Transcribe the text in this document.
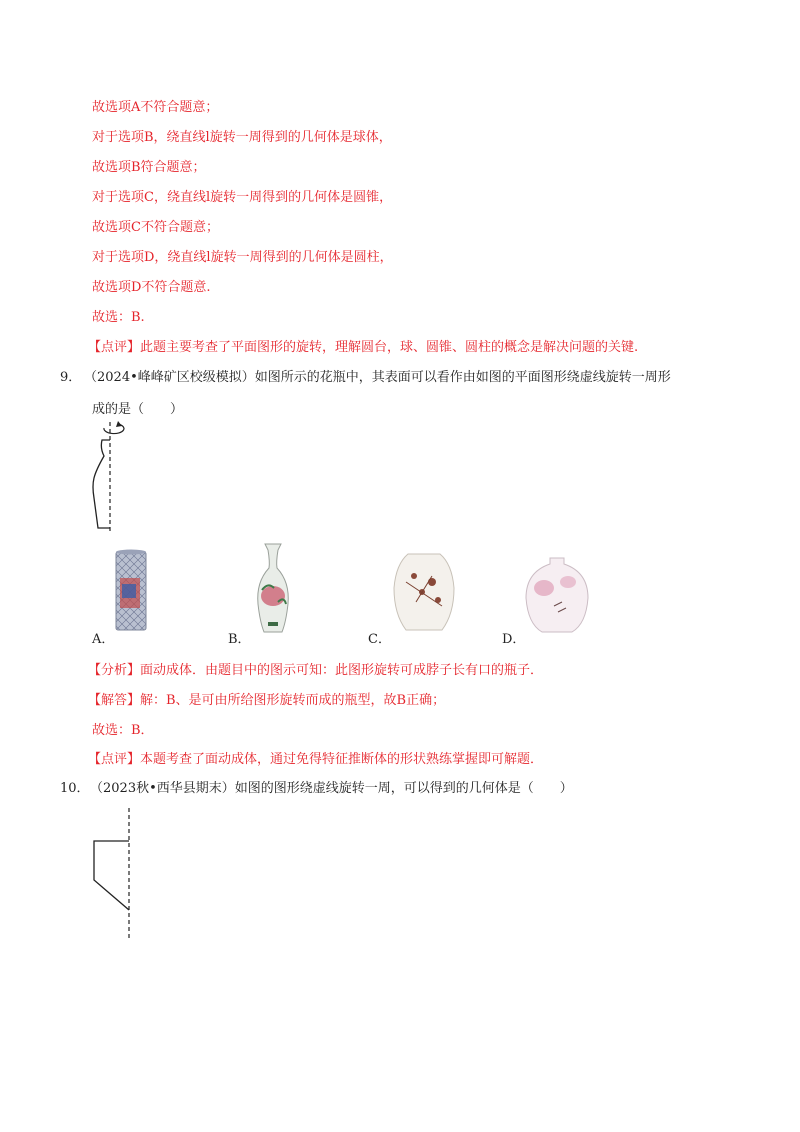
故选项A不符合题意；
对于选项B，绕直线l旋转一周得到的几何体是球体，
故选项B符合题意；
对于选项C，绕直线l旋转一周得到的几何体是圆锥，
故选项C不符合题意；
对于选项D，绕直线l旋转一周得到的几何体是圆柱，
故选项D不符合题意.
故选：B.
【点评】此题主要考查了平面图形的旋转，理解圆台，球、圆锥、圆柱的概念是解决问题的关键.
9． （2024•峰峰矿区校级模拟）如图所示的花瓶中，其表面可以看作由如图的平面图形绕虚线旋转一周形
成的是（　　）
A．	B．	C．	D．
【分析】面动成体．由题目中的图示可知：此图形旋转可成脖子长有口的瓶子．
【解答】解：B、是可由所给图形旋转而成的瓶型，故B正确；
故选：B．
【点评】本题考查了面动成体，通过免得特征推断体的形状熟练掌握即可解题．
10． （2023秋•西华县期末）如图的图形绕虚线旋转一周，可以得到的几何体是（　　）
